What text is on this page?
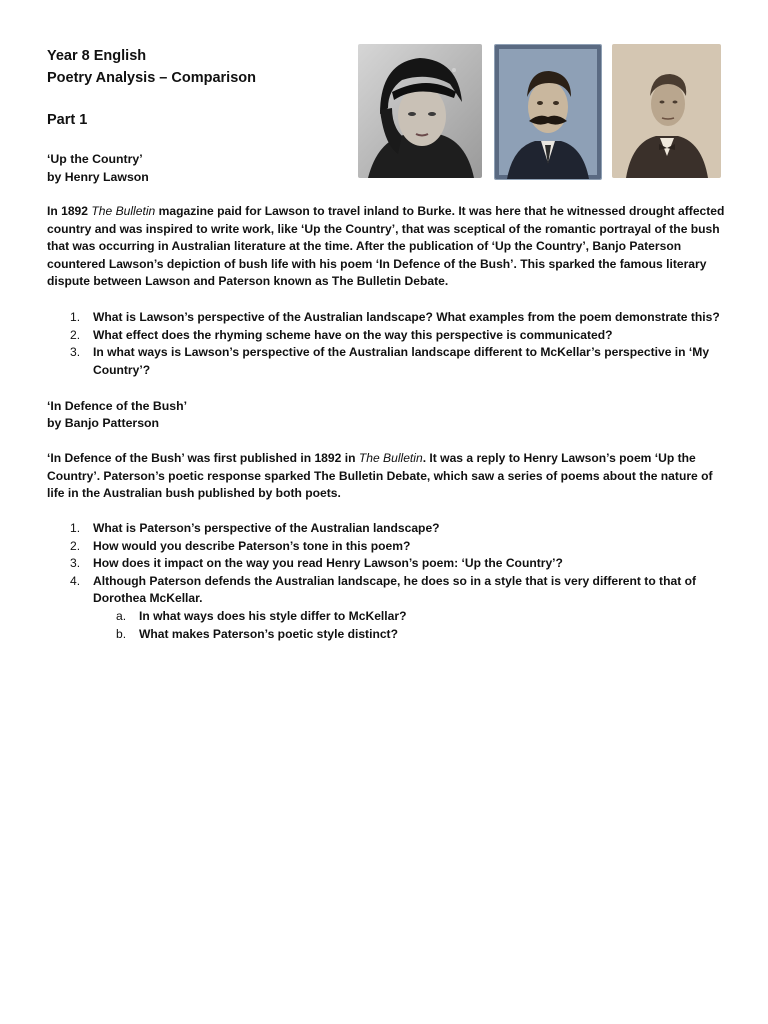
Year 8 English
Poetry Analysis – Comparison
Part 1
‘Up the Country’
by Henry Lawson
In 1892 The Bulletin magazine paid for Lawson to travel inland to Burke. It was here that he witnessed drought affected country and was inspired to write work, like ‘Up the Country’, that was sceptical of the romantic portrayal of the bush that was occurring in Australian literature at the time. After the publication of ‘Up the Country’, Banjo Paterson countered Lawson’s depiction of bush life with his poem ‘In Defence of the Bush’. This sparked the famous literary dispute between Lawson and Paterson known as The Bulletin Debate.
1. What is Lawson’s perspective of the Australian landscape? What examples from the poem demonstrate this?
2. What effect does the rhyming scheme have on the way this perspective is communicated?
3. In what ways is Lawson’s perspective of the Australian landscape different to McKellar’s perspective in ‘My Country’?
‘In Defence of the Bush’
by Banjo Patterson
‘In Defence of the Bush’ was first published in 1892 in The Bulletin. It was a reply to Henry Lawson’s poem ‘Up the Country’. Paterson’s poetic response sparked The Bulletin Debate, which saw a series of poems about the nature of life in the Australian bush published by both poets.
1. What is Paterson’s perspective of the Australian landscape?
2. How would you describe Paterson’s tone in this poem?
3. How does it impact on the way you read Henry Lawson’s poem: ‘Up the Country’?
4. Although Paterson defends the Australian landscape, he does so in a style that is very different to that of Dorothea McKellar.
a. In what ways does his style differ to McKellar?
b. What makes Paterson’s poetic style distinct?
